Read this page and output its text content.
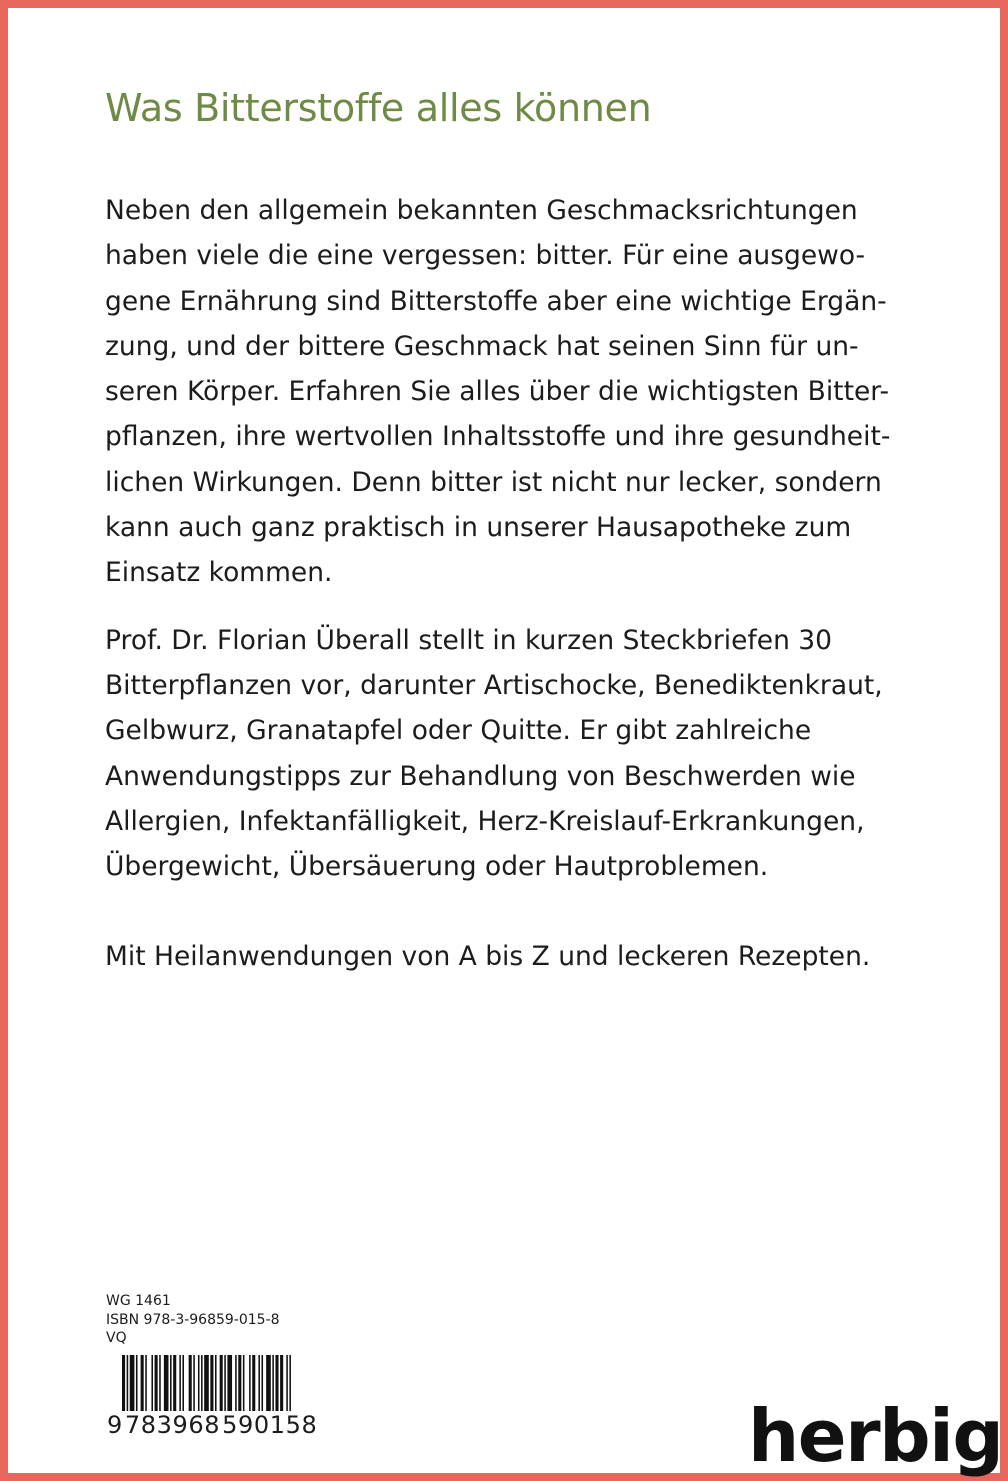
Was Bitterstoffe alles können

Neben den allgemein bekannten Geschmacksrichtungen
haben viele die eine vergessen: bitter. Für eine ausgewo-
gene Ernährung sind Bitterstoffe aber eine wichtige Ergän-
zung, und der bittere Geschmack hat seinen Sinn für un-
seren Körper. Erfahren Sie alles über die wichtigsten Bitter-
pflanzen, ihre wertvollen Inhaltsstoffe und ihre gesundheit-
lichen Wirkungen. Denn bitter ist nicht nur lecker, sondern
kann auch ganz praktisch in unserer Hausapotheke zum
Einsatz kommen.

Prof. Dr. Florian Überall stellt in kurzen Steckbriefen 30
Bitterpflanzen vor, darunter Artischocke, Benediktenkraut,
Gelbwurz, Granatapfel oder Quitte. Er gibt zahlreiche
Anwendungstipps zur Behandlung von Beschwerden wie
Allergien, Infektanfälligkeit, Herz-Kreislauf-Erkrankungen,
Übergewicht, Übersäuerung oder Hautproblemen.

Mit Heilanwendungen von A bis Z und leckeren Rezepten.

WG 1461
ISBN 978-3-96859-015-8
VQ
9783968590158	herbig
